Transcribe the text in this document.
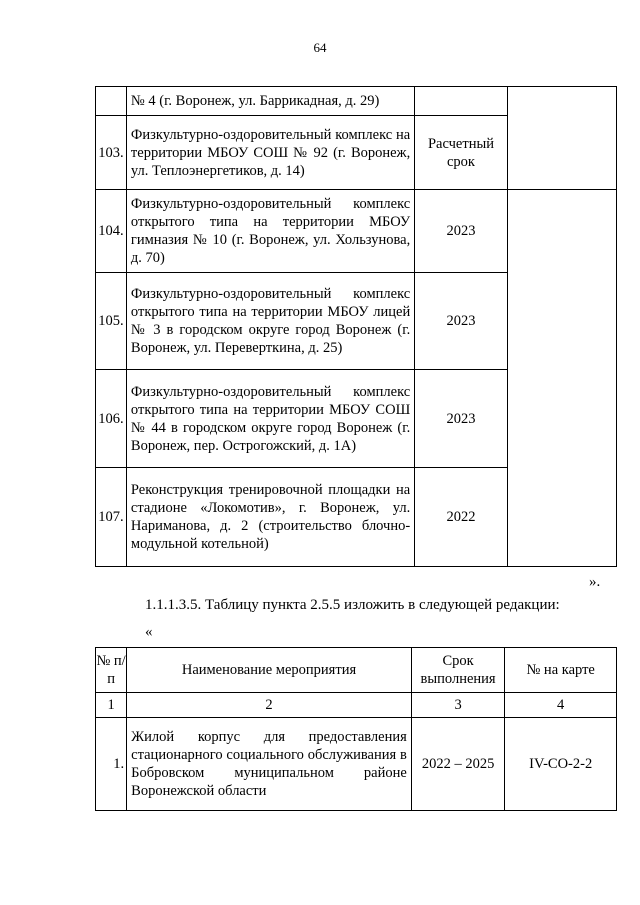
64
	№ 4 (г. Воронеж, ул. Баррикадная, д. 29)		
103.	Физкультурно-оздоровительный комплекс на территории МБОУ СОШ № 92 (г. Воронеж, ул. Теплоэнергетиков, д. 14)	Расчетный срок	
104.	Физкультурно-оздоровительный комплекс открытого типа на территории МБОУ гимназия № 10 (г. Воронеж, ул. Хользунова, д. 70)	2023	
105.	Физкультурно-оздоровительный комплекс открытого типа на территории МБОУ лицей № 3 в городском округе город Воронеж (г. Воронеж, ул. Переверткина, д. 25)	2023	
106.	Физкультурно-оздоровительный комплекс открытого типа на территории МБОУ СОШ № 44 в городском округе город Воронеж (г. Воронеж, пер. Острогожский, д. 1А)	2023	
107.	Реконструкция тренировочной площадки на стадионе «Локомотив», г. Воронеж, ул. Нариманова, д. 2 (строительство блочно-модульной котельной)	2022	
».
1.1.1.3.5. Таблицу пункта 2.5.5 изложить в следующей редакции:
«
№ п/п	Наименование мероприятия	Срок выполнения	№ на карте
1	2	3	4
1.	Жилой корпус для предоставления стационарного социального обслуживания в Бобровском муниципальном районе Воронежской области	2022 – 2025	IV-СО-2-2
